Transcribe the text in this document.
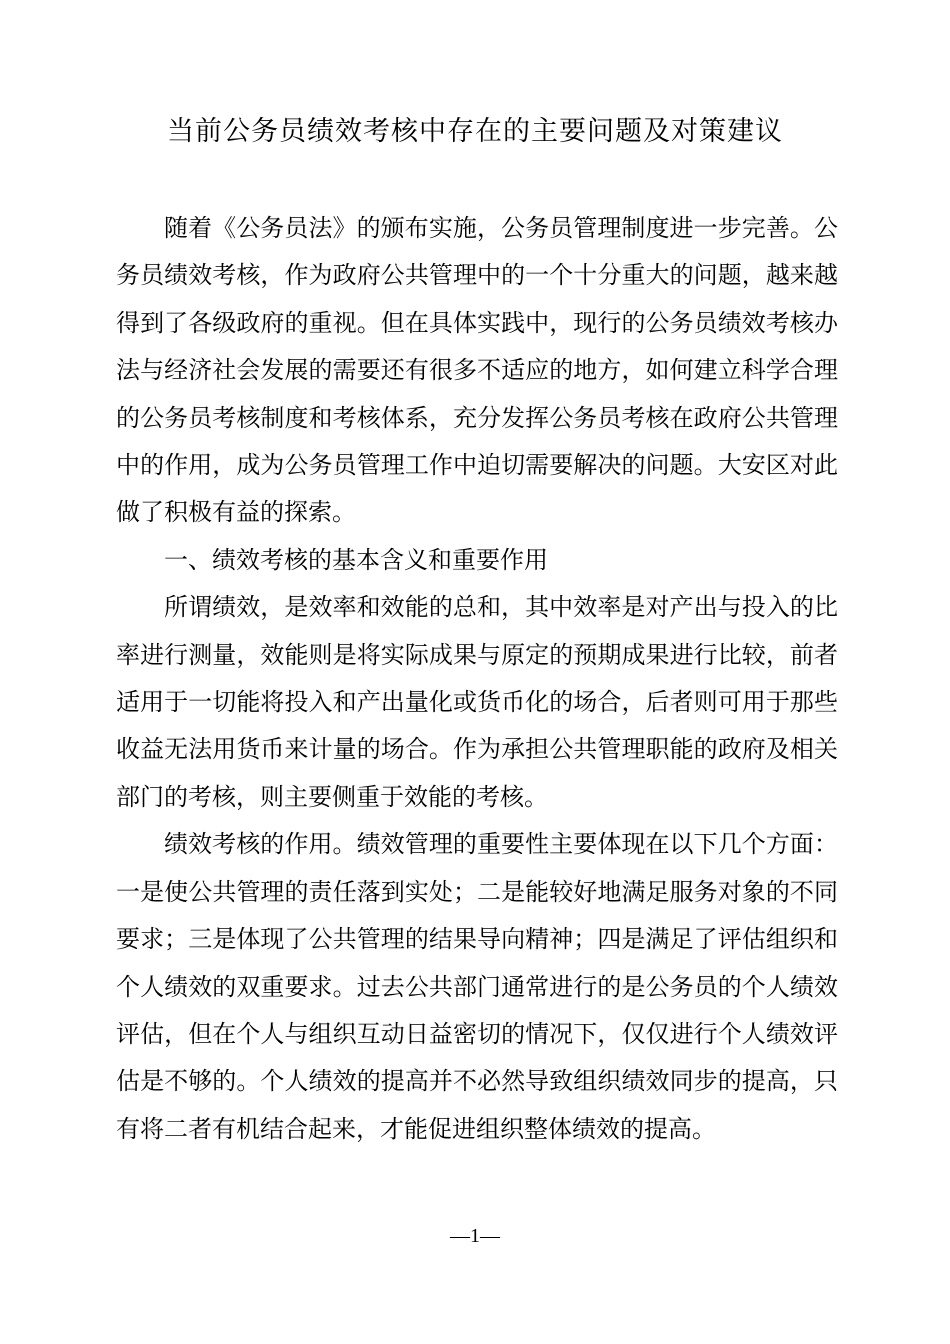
当前公务员绩效考核中存在的主要问题及对策建议

随着《公务员法》的颁布实施，公务员管理制度进一步完善。公务员绩效考核，作为政府公共管理中的一个十分重大的问题，越来越得到了各级政府的重视。但在具体实践中，现行的公务员绩效考核办法与经济社会发展的需要还有很多不适应的地方，如何建立科学合理的公务员考核制度和考核体系，充分发挥公务员考核在政府公共管理中的作用，成为公务员管理工作中迫切需要解决的问题。大安区对此做了积极有益的探索。

一、绩效考核的基本含义和重要作用

所谓绩效，是效率和效能的总和，其中效率是对产出与投入的比率进行测量，效能则是将实际成果与原定的预期成果进行比较，前者适用于一切能将投入和产出量化或货币化的场合，后者则可用于那些收益无法用货币来计量的场合。作为承担公共管理职能的政府及相关部门的考核，则主要侧重于效能的考核。

绩效考核的作用。绩效管理的重要性主要体现在以下几个方面：一是使公共管理的责任落到实处；二是能较好地满足服务对象的不同要求；三是体现了公共管理的结果导向精神；四是满足了评估组织和个人绩效的双重要求。过去公共部门通常进行的是公务员的个人绩效评估，但在个人与组织互动日益密切的情况下，仅仅进行个人绩效评估是不够的。个人绩效的提高并不必然导致组织绩效同步的提高，只有将二者有机结合起来，才能促进组织整体绩效的提高。

—1—
